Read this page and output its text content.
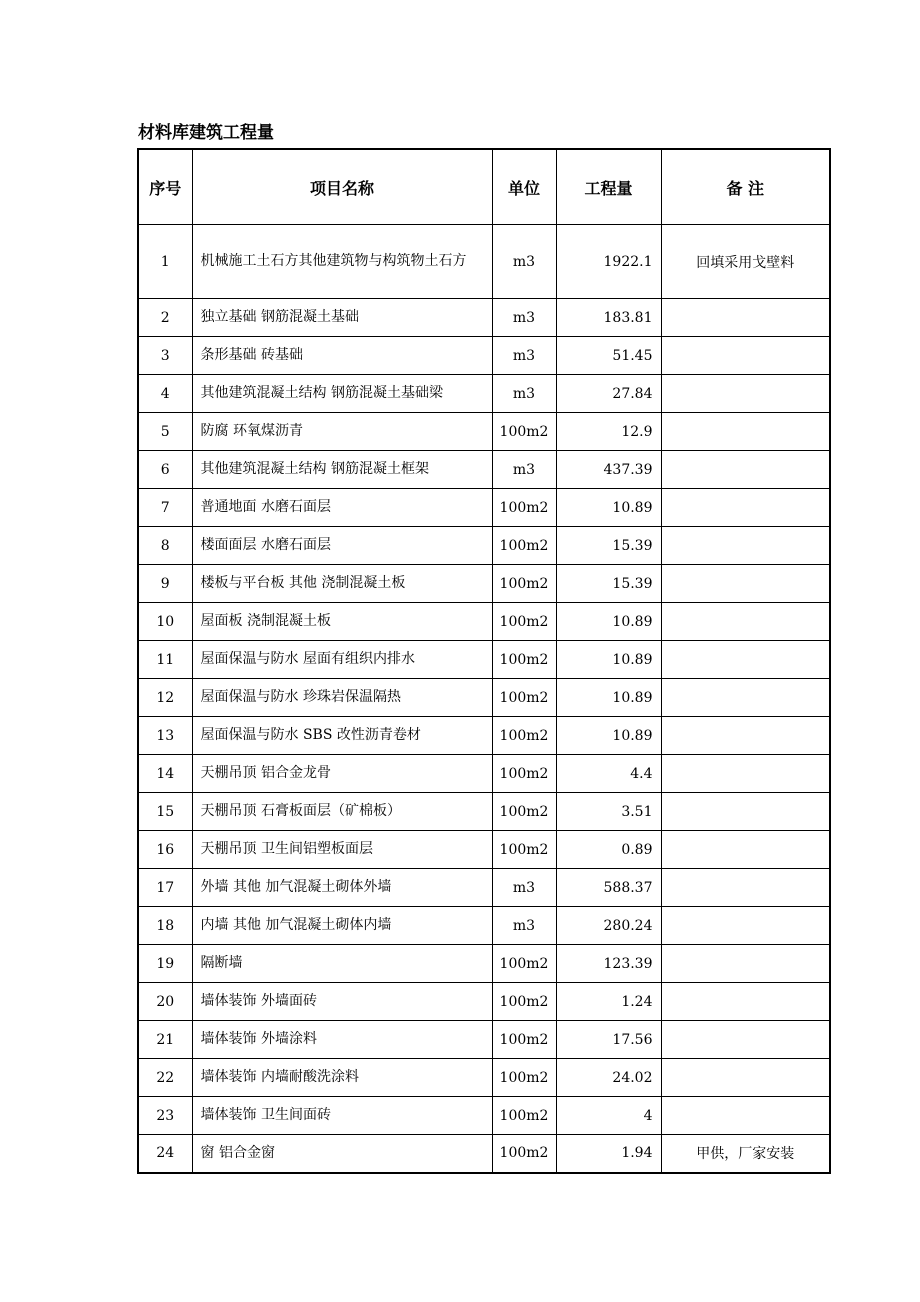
材料库建筑工程量
序号	项目名称	单位	工程量	备 注
1	机械施工土石方其他建筑物与构筑物土石方	m3	1922.1	回填采用戈壁料
2	独立基础 钢筋混凝土基础	m3	183.81	
3	条形基础 砖基础	m3	51.45	
4	其他建筑混凝土结构 钢筋混凝土基础梁	m3	27.84	
5	防腐 环氧煤沥青	100m2	12.9	
6	其他建筑混凝土结构 钢筋混凝土框架	m3	437.39	
7	普通地面 水磨石面层	100m2	10.89	
8	楼面面层 水磨石面层	100m2	15.39	
9	楼板与平台板 其他 浇制混凝土板	100m2	15.39	
10	屋面板 浇制混凝土板	100m2	10.89	
11	屋面保温与防水 屋面有组织内排水	100m2	10.89	
12	屋面保温与防水 珍珠岩保温隔热	100m2	10.89	
13	屋面保温与防水 SBS 改性沥青卷材	100m2	10.89	
14	天棚吊顶 铝合金龙骨	100m2	4.4	
15	天棚吊顶 石膏板面层（矿棉板）	100m2	3.51	
16	天棚吊顶 卫生间铝塑板面层	100m2	0.89	
17	外墙 其他 加气混凝土砌体外墙	m3	588.37	
18	内墙 其他 加气混凝土砌体内墙	m3	280.24	
19	隔断墙	100m2	123.39	
20	墙体装饰 外墙面砖	100m2	1.24	
21	墙体装饰 外墙涂料	100m2	17.56	
22	墙体装饰 内墙耐酸洗涂料	100m2	24.02	
23	墙体装饰 卫生间面砖	100m2	4	
24	窗 铝合金窗	100m2	1.94	甲供，厂家安装
